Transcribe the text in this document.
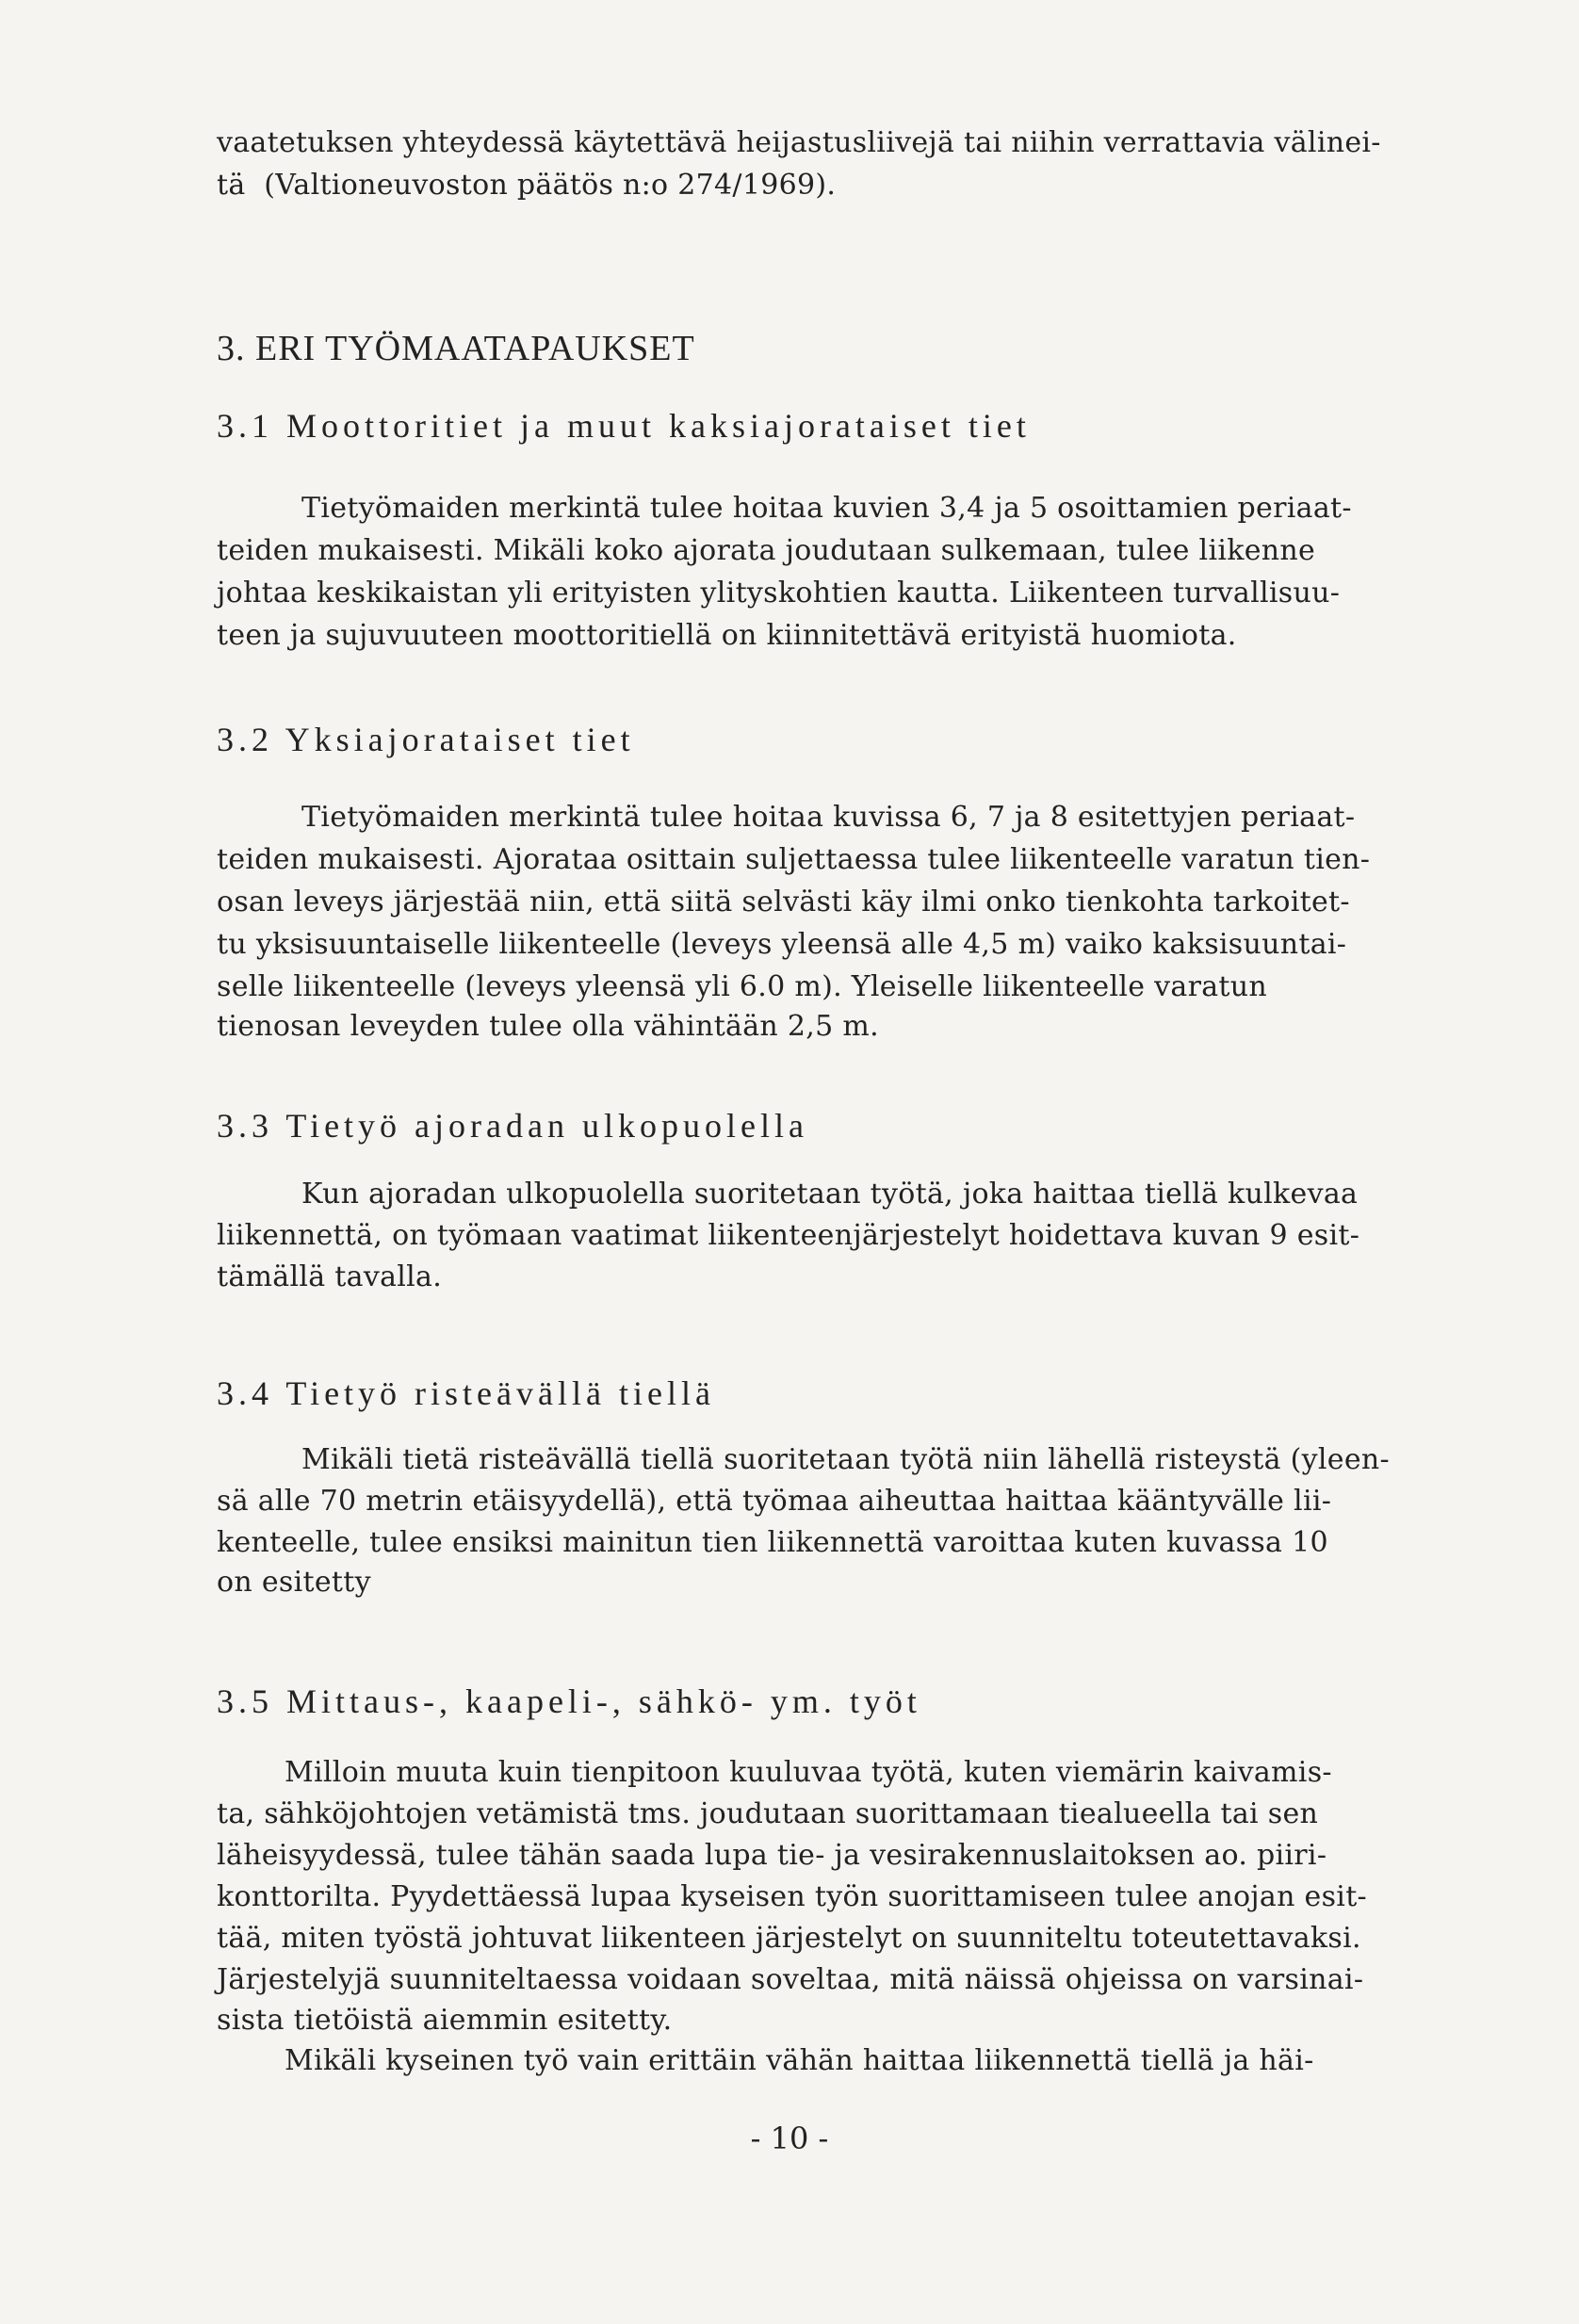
vaatetuksen yhteydessä käytettävä heijastusliivejä tai niihin verrattavia välinei-

tä  (Valtioneuvoston päätös n:o 274/1969).

3. ERI TYÖMAATAPAUKSET
3.1 Moottoritiet ja muut kaksiajorataiset tiet

Tietyömaiden merkintä tulee hoitaa kuvien 3,4 ja 5 osoittamien periaat-

teiden mukaisesti. Mikäli koko ajorata joudutaan sulkemaan, tulee liikenne

johtaa keskikaistan yli erityisten ylityskohtien kautta. Liikenteen turvallisuu-

teen ja sujuvuuteen moottoritiellä on kiinnitettävä erityistä huomiota.

3.2 Yksiajorataiset tiet

Tietyömaiden merkintä tulee hoitaa kuvissa 6, 7 ja 8 esitettyjen periaat-

teiden mukaisesti. Ajorataa osittain suljettaessa tulee liikenteelle varatun tien-

osan leveys järjestää niin, että siitä selvästi käy ilmi onko tienkohta tarkoitet-

tu yksisuuntaiselle liikenteelle (leveys yleensä alle 4,5 m) vaiko kaksisuuntai-

selle liikenteelle (leveys yleensä yli 6.0 m). Yleiselle liikenteelle varatun

tienosan leveyden tulee olla vähintään 2,5 m.

3.3 Tietyö ajoradan ulkopuolella

Kun ajoradan ulkopuolella suoritetaan työtä, joka haittaa tiellä kulkevaa

liikennettä, on työmaan vaatimat liikenteenjärjestelyt hoidettava kuvan 9 esit-

tämällä tavalla.

3.4 Tietyö risteävällä tiellä

Mikäli tietä risteävällä tiellä suoritetaan työtä niin lähellä risteystä (yleen-

sä alle 70 metrin etäisyydellä), että työmaa aiheuttaa haittaa kääntyvälle lii-

kenteelle, tulee ensiksi mainitun tien liikennettä varoittaa kuten kuvassa 10

on esitetty

3.5 Mittaus-, kaapeli-, sähkö- ym. työt

Milloin muuta kuin tienpitoon kuuluvaa työtä, kuten viemärin kaivamis-

ta, sähköjohtojen vetämistä tms. joudutaan suorittamaan tiealueella tai sen

läheisyydessä, tulee tähän saada lupa tie- ja vesirakennuslaitoksen ao. piiri-

konttorilta. Pyydettäessä lupaa kyseisen työn suorittamiseen tulee anojan esit-

tää, miten työstä johtuvat liikenteen järjestelyt on suunniteltu toteutettavaksi.

Järjestelyjä suunniteltaessa voidaan soveltaa, mitä näissä ohjeissa on varsinai-

sista tietöistä aiemmin esitetty.

Mikäli kyseinen työ vain erittäin vähän haittaa liikennettä tiellä ja häi-

- 10 -
